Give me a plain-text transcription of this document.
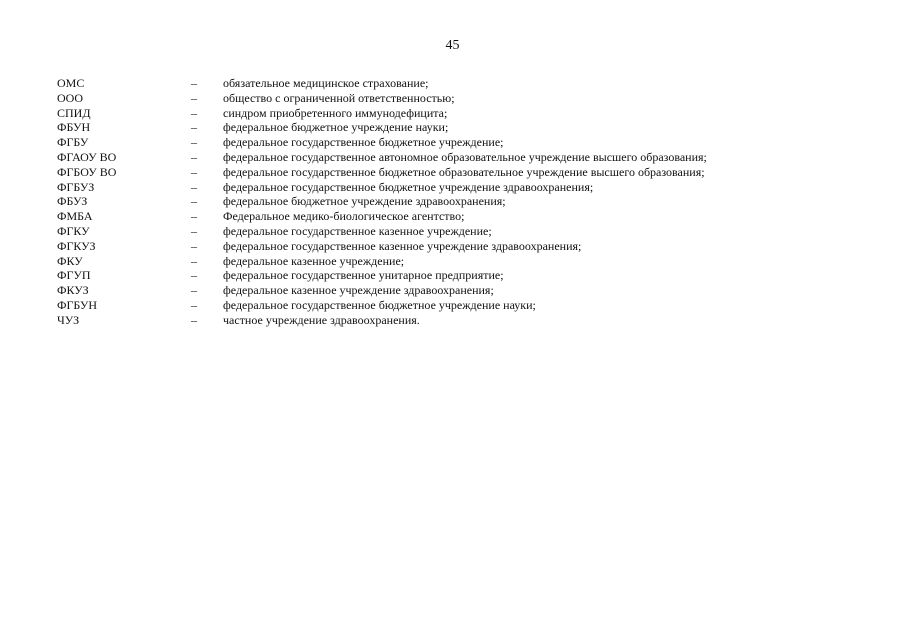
45
ОМС	–	обязательное медицинское страхование;
ООО	–	общество с ограниченной ответственностью;
СПИД	–	синдром приобретенного иммунодефицита;
ФБУН	–	федеральное бюджетное учреждение науки;
ФГБУ	–	федеральное государственное бюджетное учреждение;
ФГАОУ ВО	–	федеральное государственное автономное образовательное учреждение высшего образования;
ФГБОУ ВО	–	федеральное государственное бюджетное образовательное учреждение высшего образования;
ФГБУЗ	–	федеральное государственное бюджетное учреждение здравоохранения;
ФБУЗ	–	федеральное бюджетное учреждение здравоохранения;
ФМБА	–	Федеральное медико-биологическое агентство;
ФГКУ	–	федеральное государственное казенное учреждение;
ФГКУЗ	–	федеральное государственное казенное учреждение здравоохранения;
ФКУ	–	федеральное казенное учреждение;
ФГУП	–	федеральное государственное унитарное предприятие;
ФКУЗ	–	федеральное казенное учреждение здравоохранения;
ФГБУН	–	федеральное государственное бюджетное учреждение науки;
ЧУЗ	–	частное учреждение здравоохранения.
